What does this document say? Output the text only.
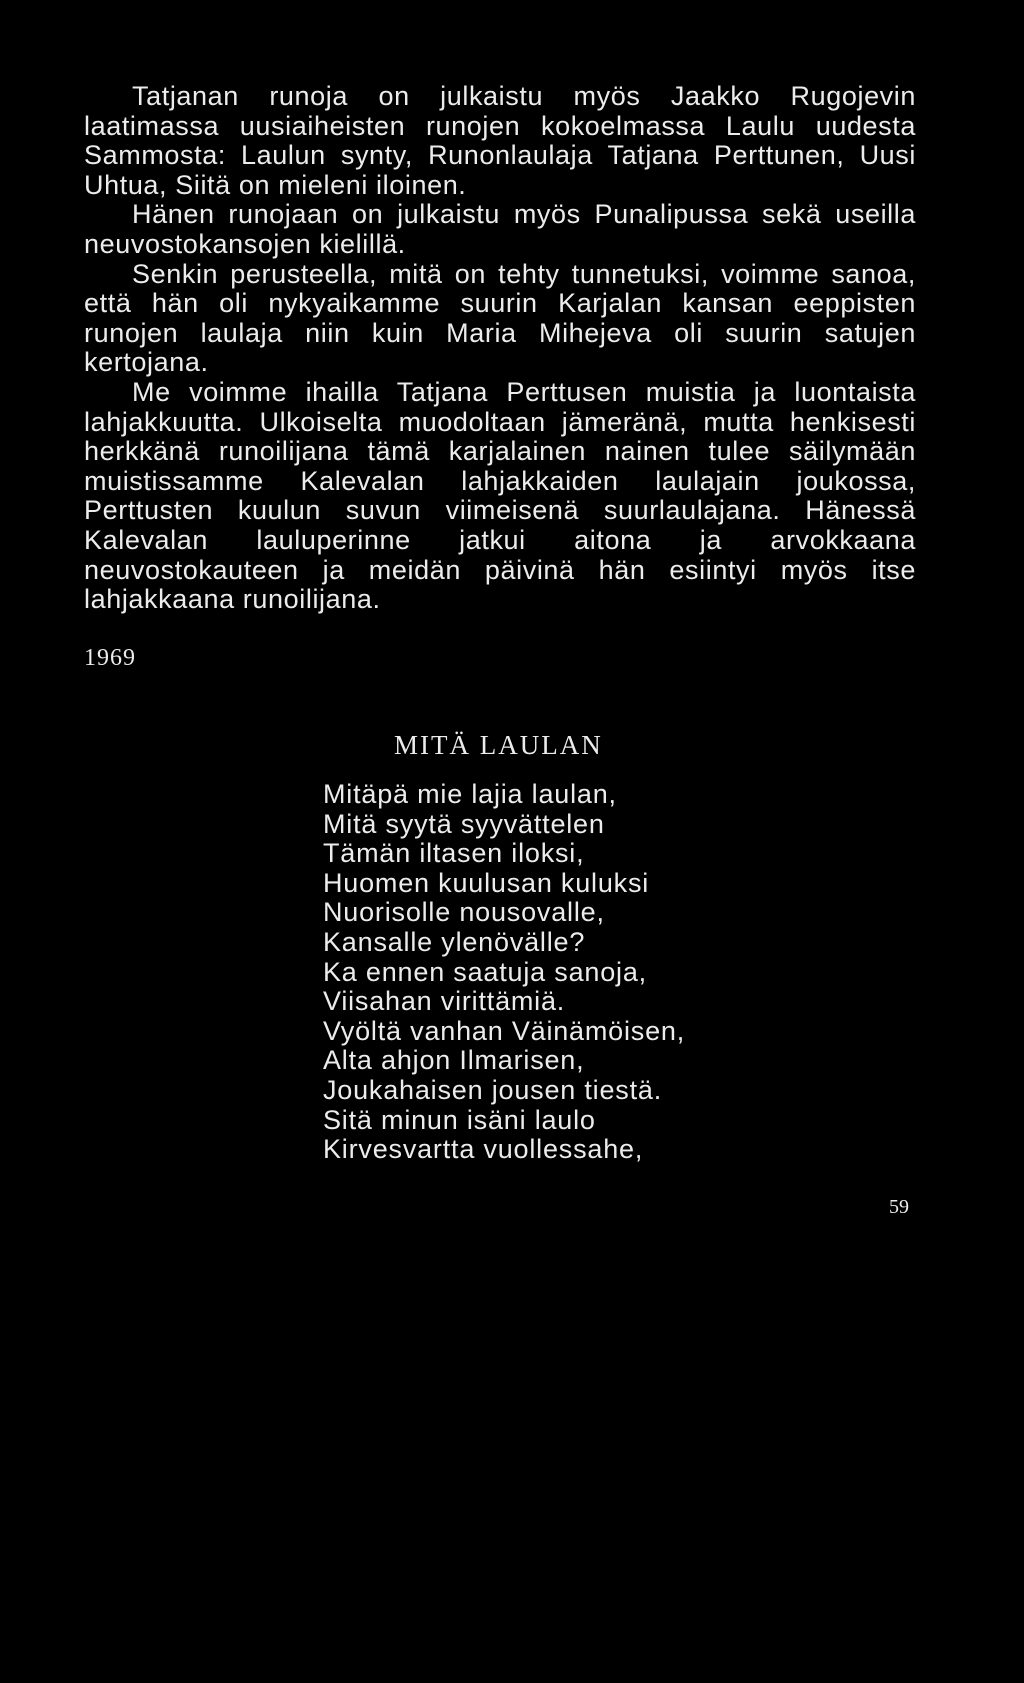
Tatjanan runoja on julkaistu myös Jaakko Rugojevin laatimassa uusiaiheisten runojen kokoelmassa Laulu uudesta Sammosta: Laulun synty, Runonlaulaja Tatjana Perttunen, Uusi Uhtua, Siitä on mieleni iloinen.

Hänen runojaan on julkaistu myös Punalipussa sekä useilla neuvostokansojen kielillä.

Senkin perusteella, mitä on tehty tunnetuksi, voimme sanoa, että hän oli nykyaikamme suurin Karjalan kansan eeppisten runojen laulaja niin kuin Maria Mihejeva oli suurin satujen kertojana.

Me voimme ihailla Tatjana Perttusen muistia ja luontaista lahjakkuutta. Ulkoiselta muodoltaan jämeränä, mutta henkisesti herkkänä runoilijana tämä karjalainen nainen tulee säilymään muistissamme Kalevalan lahjakkaiden laulajain joukossa, Perttusten kuulun suvun viimeisenä suurlaulajana. Hänessä Kalevalan lauluperinne jatkui aitona ja arvokkaana neuvostokauteen ja meidän päivinä hän esiintyi myös itse lahjakkaana runoilijana.

1969
MITÄ LAULAN
Mitäpä mie lajia laulan,
Mitä syytä syyvättelen
Tämän iltasen iloksi,
Huomen kuulusan kuluksi
Nuorisolle nousovalle,
Kansalle ylenövälle?
Ka ennen saatuja sanoja,
Viisahan virittämiä.
Vyöltä vanhan Väinämöisen,
Alta ahjon Ilmarisen,
Joukahaisen jousen tiestä.
Sitä minun isäni laulo
Kirvesvartta vuollessahe,
59
